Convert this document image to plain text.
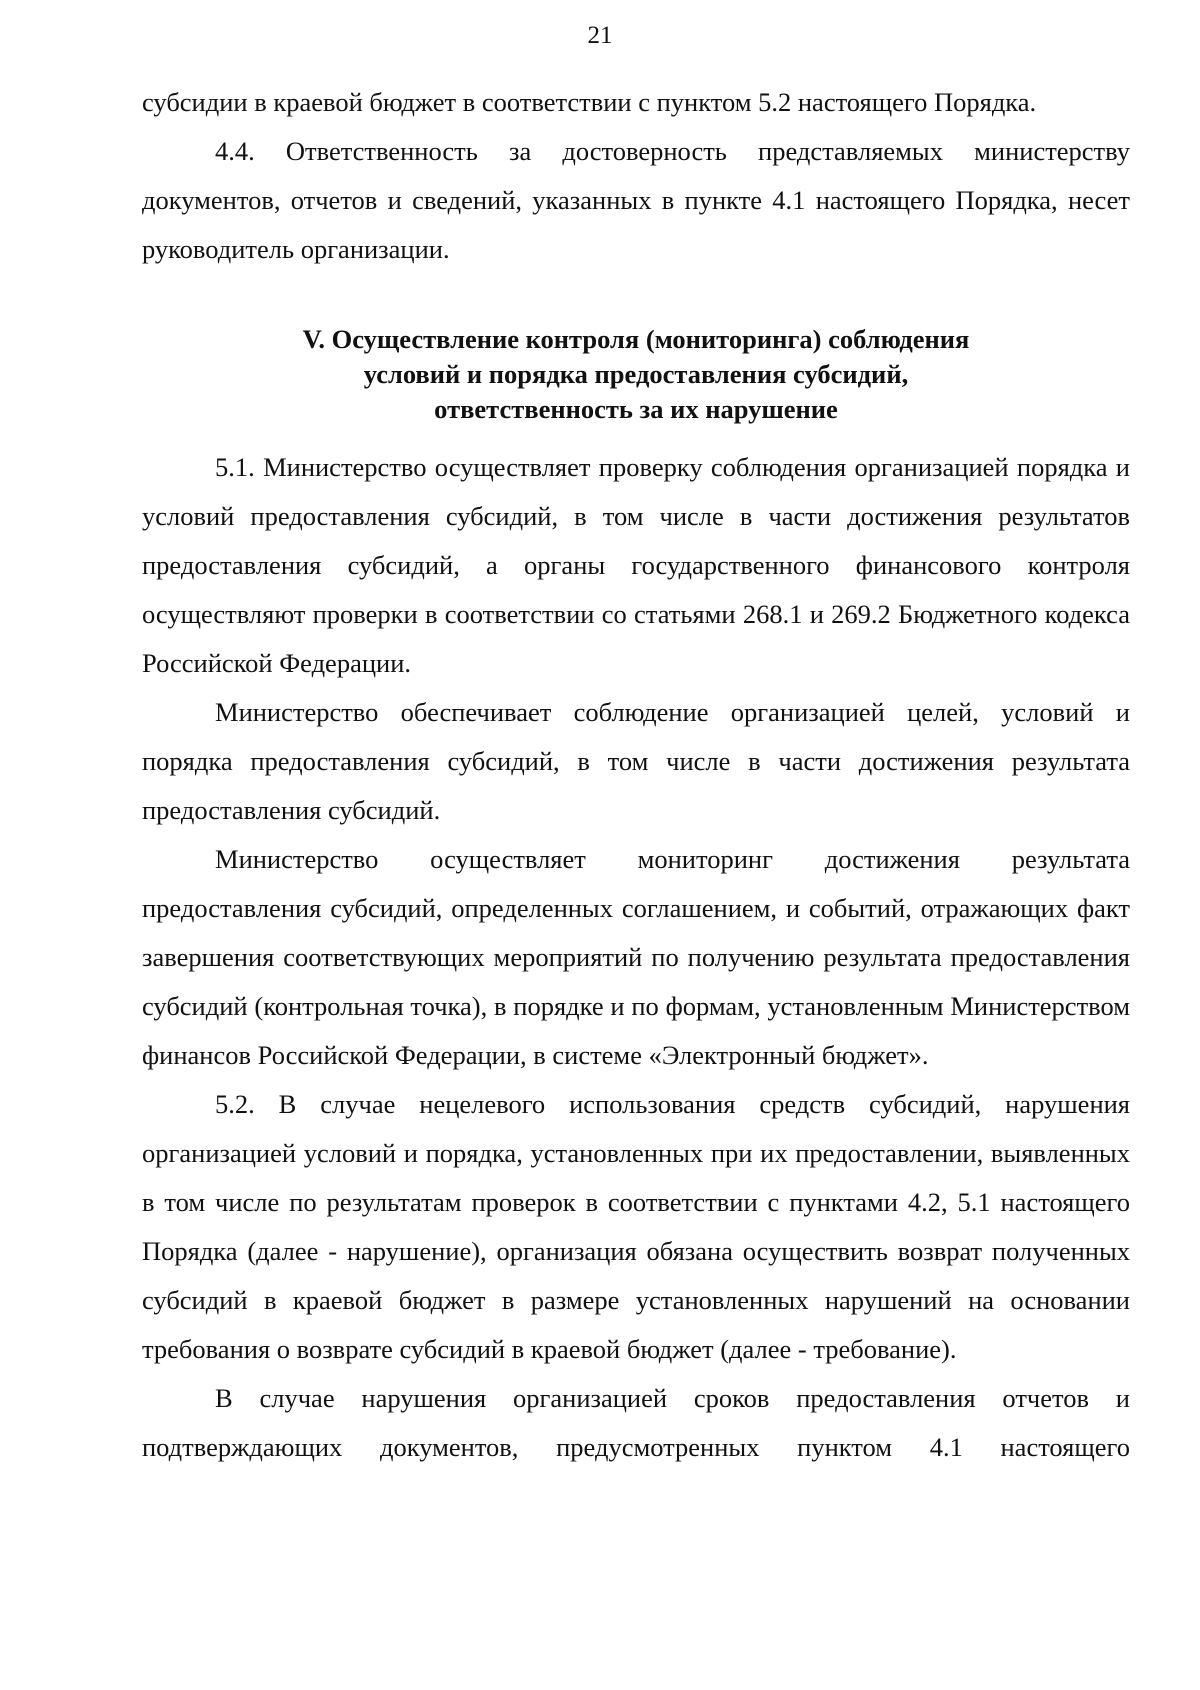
21

субсидии в краевой бюджет в соответствии с пунктом 5.2 настоящего Порядка.

4.4. Ответственность за достоверность представляемых министерству документов, отчетов и сведений, указанных в пункте 4.1 настоящего Порядка, несет руководитель организации.

V. Осуществление контроля (мониторинга) соблюдения
условий и порядка предоставления субсидий,
ответственность за их нарушение

5.1. Министерство осуществляет проверку соблюдения организацией порядка и условий предоставления субсидий, в том числе в части достижения результатов предоставления субсидий, а органы государственного финансового контроля осуществляют проверки в соответствии со статьями 268.1 и 269.2 Бюджетного кодекса Российской Федерации.

Министерство обеспечивает соблюдение организацией целей, условий и порядка предоставления субсидий, в том числе в части достижения результата предоставления субсидий.

Министерство осуществляет мониторинг достижения результата предоставления субсидий, определенных соглашением, и событий, отражающих факт завершения соответствующих мероприятий по получению результата предоставления субсидий (контрольная точка), в порядке и по формам, установленным Министерством финансов Российской Федерации, в системе «Электронный бюджет».

5.2. В случае нецелевого использования средств субсидий, нарушения организацией условий и порядка, установленных при их предоставлении, выявленных в том числе по результатам проверок в соответствии с пунктами 4.2, 5.1 настоящего Порядка (далее - нарушение), организация обязана осуществить возврат полученных субсидий в краевой бюджет в размере установленных нарушений на основании требования о возврате субсидий в краевой бюджет (далее - требование).

В случае нарушения организацией сроков предоставления отчетов и подтверждающих документов, предусмотренных пунктом 4.1 настоящего
